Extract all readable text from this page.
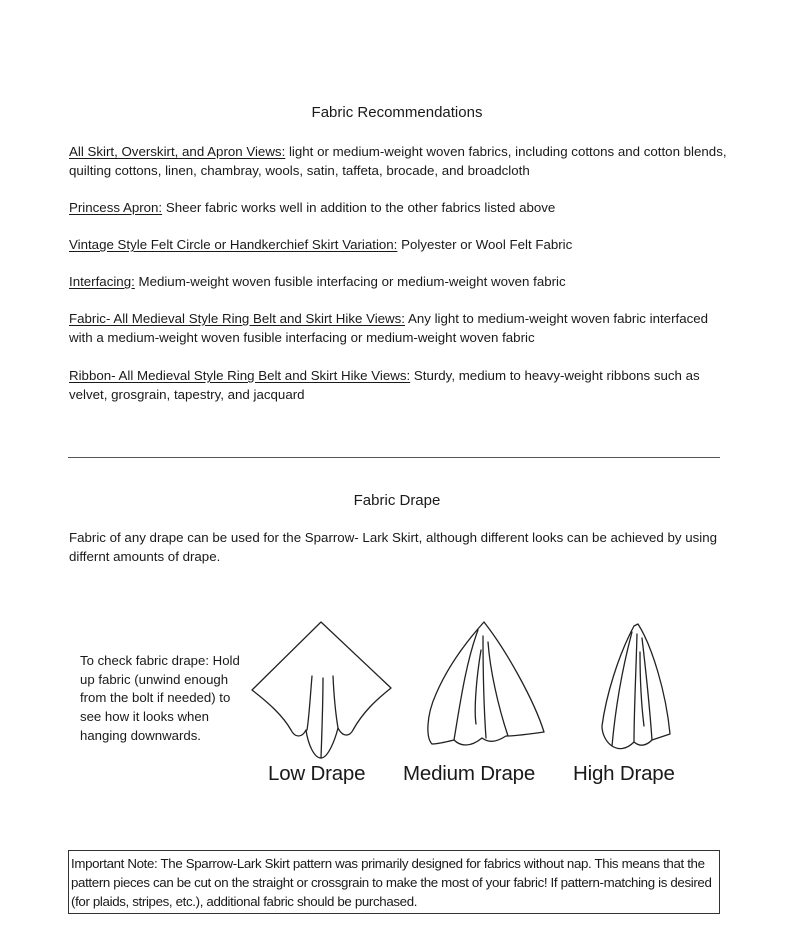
Fabric Recommendations

All Skirt, Overskirt, and Apron Views: light or medium-weight woven fabrics, including cottons and cotton blends, quilting cottons, linen, chambray, wools, satin, taffeta, brocade, and broadcloth

Princess Apron: Sheer fabric works well in addition to the other fabrics listed above

Vintage Style Felt Circle or Handkerchief Skirt Variation: Polyester or Wool Felt Fabric

Interfacing: Medium-weight woven fusible interfacing or medium-weight woven fabric

Fabric- All Medieval Style Ring Belt and Skirt Hike Views: Any light to medium-weight woven fabric interfaced with a medium-weight woven fusible interfacing or medium-weight woven fabric

Ribbon- All Medieval Style Ring Belt and Skirt Hike Views: Sturdy, medium to heavy-weight ribbons such as velvet, grosgrain, tapestry, and jacquard

Fabric Drape

Fabric of any drape can be used for the Sparrow- Lark Skirt, although different looks can be achieved by using differnt amounts of drape.

To check fabric drape: Hold up fabric (unwind enough from the bolt if needed) to see how it looks when hanging downwards.

Low Drape Medium Drape High Drape
Important Note: The Sparrow-Lark Skirt pattern was primarily designed for fabrics without nap. This means that the pattern pieces can be cut on the straight or crossgrain to make the most of your fabric! If pattern-matching is desired (for plaids, stripes, etc.), additional fabric should be purchased.
